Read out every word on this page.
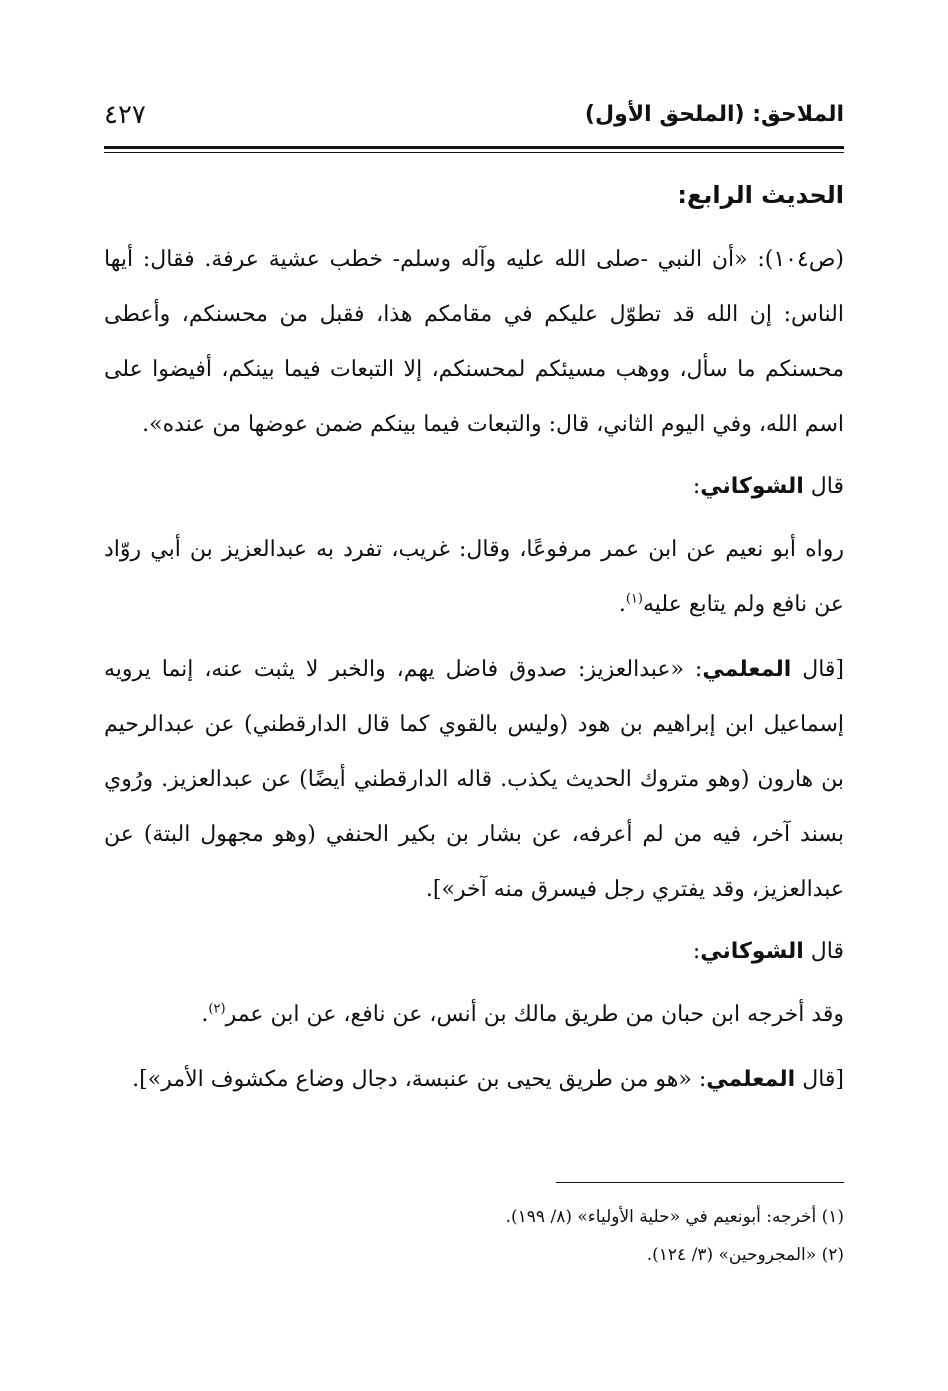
الملاحق: (الملحق الأول)
٤٢٧
الحديث الرابع:

(ص١٠٤): «أن النبي -صلى الله عليه وآله وسلم- خطب عشية عرفة. فقال: أيها الناس: إن الله قد تطوّل عليكم في مقامكم هذا، فقبل من محسنكم، وأعطى محسنكم ما سأل، ووهب مسيئكم لمحسنكم، إلا التبعات فيما بينكم، أفيضوا على اسم الله، وفي اليوم الثاني، قال: والتبعات فيما بينكم ضمن عوضها من عنده».

قال الشوكاني:

رواه أبو نعيم عن ابن عمر مرفوعًا، وقال: غريب، تفرد به عبدالعزيز بن أبي روّاد عن نافع ولم يتابع عليه$^{(١)}$.

[قال المعلمي: «عبدالعزيز: صدوق فاضل يهم، والخبر لا يثبت عنه، إنما يرويه إسماعيل ابن إبراهيم بن هود (وليس بالقوي كما قال الدارقطني) عن عبدالرحيم بن هارون (وهو متروك الحديث يكذب. قاله الدارقطني أيضًا) عن عبدالعزيز. ورُوي بسند آخر، فيه من لم أعرفه، عن بشار بن بكير الحنفي (وهو مجهول البتة) عن عبدالعزيز، وقد يفتري رجل فيسرق منه آخر»].

قال الشوكاني:

وقد أخرجه ابن حبان من طريق مالك بن أنس، عن نافع، عن ابن عمر$^{(٢)}$.

[قال المعلمي: «هو من طريق يحيى بن عنبسة، دجال وضاع مكشوف الأمر»].

(١) أخرجه: أبونعيم في «حلية الأولياء» (٨/ ١٩٩).

(٢) «المجروحين» (٣/ ١٢٤).
